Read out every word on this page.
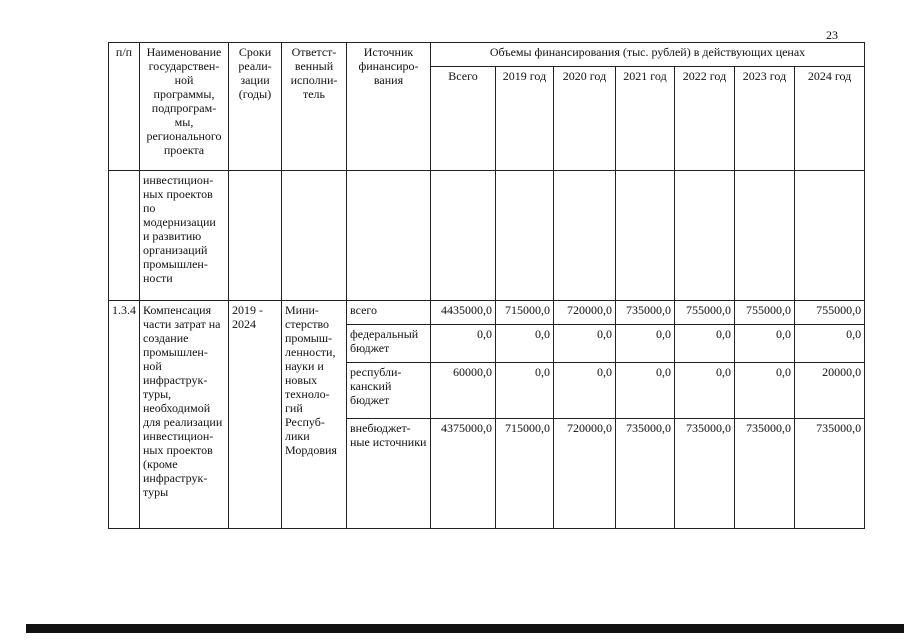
23
п/п	Наименование государствен-ной программы, подпрограм-мы, регионального проекта	Сроки реали-зации (годы)	Ответст-венный исполни-тель	Источник финансиро-вания	Объемы финансирования (тыс. рублей) в действующих ценах						
					Всего	2019 год	2020 год	2021 год	2022 год	2023 год	2024 год
	инвестицион-ных проектов по модернизации и развитию организаций промышлен-ности										
1.3.4	Компенсация части затрат на создание промышлен-ной инфраструк-туры, необходимой для реализации инвестицион-ных проектов (кроме инфраструк-туры	2019 - 2024	Мини-стерство промыш-ленности, науки и новых техноло-гий Респуб-лики Мордовия	всего	4435000,0	715000,0	720000,0	735000,0	755000,0	755000,0	755000,0
				федеральный бюджет	0,0	0,0	0,0	0,0	0,0	0,0	0,0
				республи-канский бюджет	60000,0	0,0	0,0	0,0	0,0	0,0	20000,0
				внебюджет-ные источники	4375000,0	715000,0	720000,0	735000,0	735000,0	735000,0	735000,0
